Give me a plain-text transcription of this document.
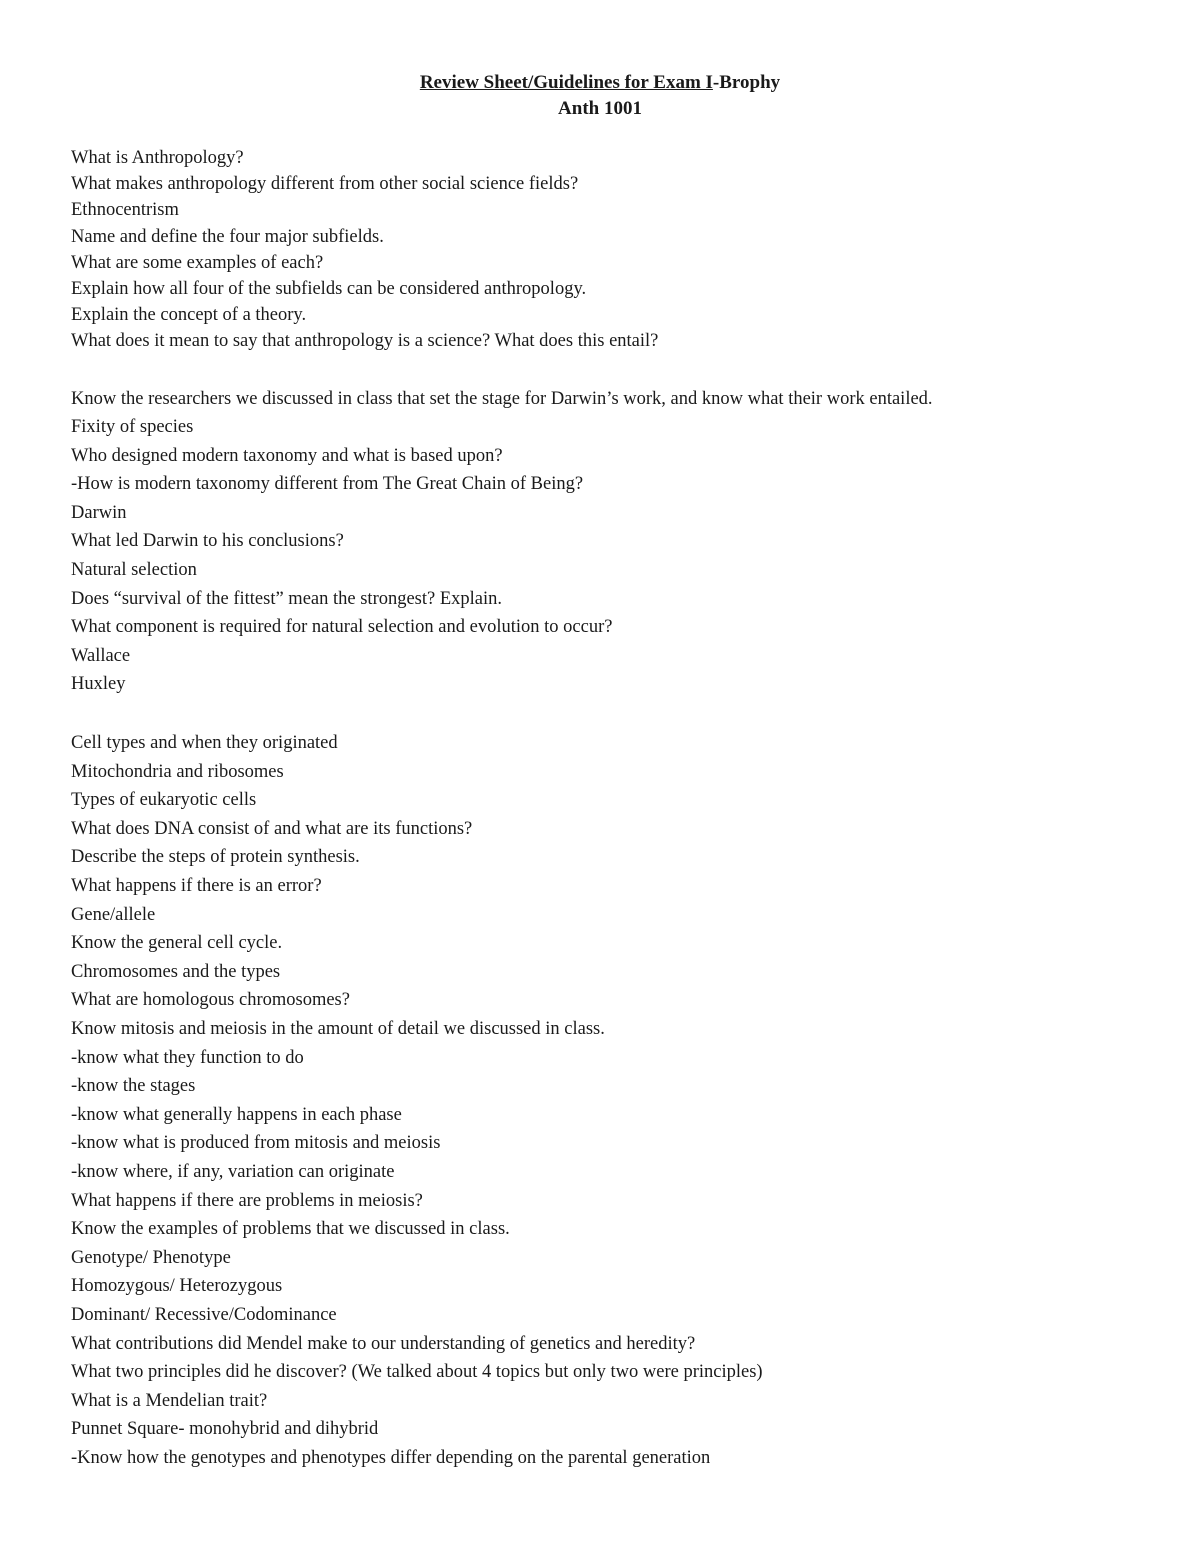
Review Sheet/Guidelines for Exam I-Brophy
Anth 1001
What is Anthropology?
What makes anthropology different from other social science fields?
Ethnocentrism
Name and define the four major subfields.
What are some examples of each?
Explain how all four of the subfields can be considered anthropology.
Explain the concept of a theory.
What does it mean to say that anthropology is a science? What does this entail?
Know the researchers we discussed in class that set the stage for Darwin’s work, and know what their work entailed.
Fixity of species
Who designed modern taxonomy and what is based upon?
-How is modern taxonomy different from The Great Chain of Being?
Darwin
What led Darwin to his conclusions?
Natural selection
Does “survival of the fittest” mean the strongest? Explain.
What component is required for natural selection and evolution to occur?
Wallace
Huxley
Cell types and when they originated
Mitochondria and ribosomes
Types of eukaryotic cells
What does DNA consist of and what are its functions?
Describe the steps of protein synthesis.
What happens if there is an error?
Gene/allele
Know the general cell cycle.
Chromosomes and the types
What are homologous chromosomes?
Know mitosis and meiosis in the amount of detail we discussed in class.
-know what they function to do
-know the stages
-know what generally happens in each phase
-know what is produced from mitosis and meiosis
-know where, if any, variation can originate
What happens if there are problems in meiosis?
Know the examples of problems that we discussed in class.
Genotype/ Phenotype
Homozygous/ Heterozygous
Dominant/ Recessive/Codominance
What contributions did Mendel make to our understanding of genetics and heredity?
What two principles did he discover? (We talked about 4 topics but only two were principles)
What is a Mendelian trait?
Punnet Square- monohybrid and dihybrid
-Know how the genotypes and phenotypes differ depending on the parental generation
